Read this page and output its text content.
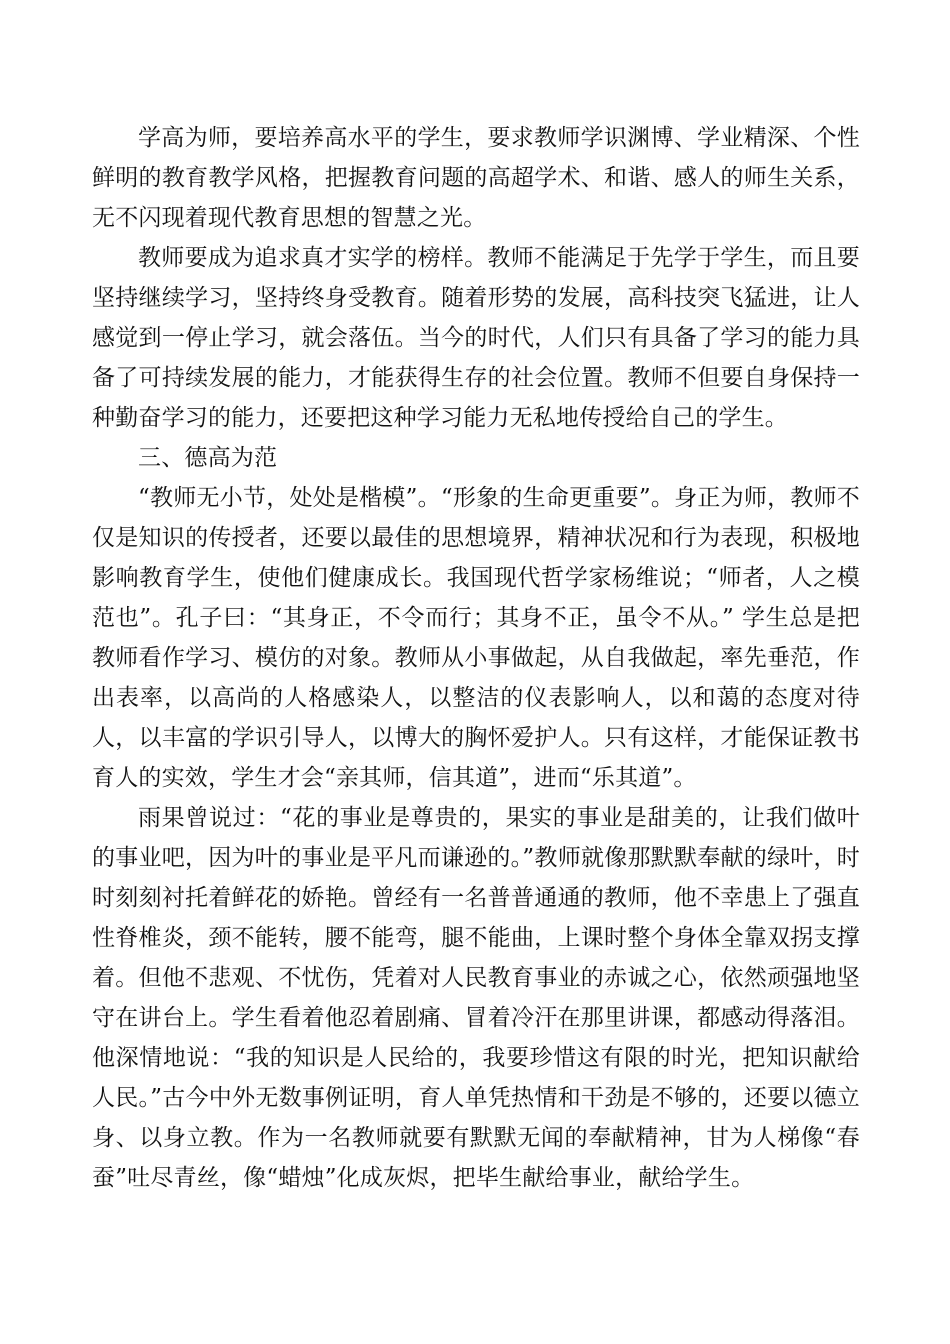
学高为师，要培养高水平的学生，要求教师学识渊博、学业精深、个性鲜明的教育教学风格，把握教育问题的高超学术、和谐、感人的师生关系，无不闪现着现代教育思想的智慧之光。

教师要成为追求真才实学的榜样。教师不能满足于先学于学生，而且要坚持继续学习，坚持终身受教育。随着形势的发展，高科技突飞猛进，让人感觉到一停止学习，就会落伍。当今的时代，人们只有具备了学习的能力具备了可持续发展的能力，才能获得生存的社会位置。教师不但要自身保持一种勤奋学习的能力，还要把这种学习能力无私地传授给自己的学生。

三、德高为范

“教师无小节，处处是楷模”。“形象的生命更重要”。身正为师，教师不仅是知识的传授者，还要以最佳的思想境界，精神状况和行为表现，积极地影响教育学生，使他们健康成长。我国现代哲学家杨维说；“师者，人之模范也”。孔子曰：“其身正，不令而行；其身不正，虽令不从。” 学生总是把教师看作学习、模仿的对象。教师从小事做起，从自我做起，率先垂范，作出表率，以高尚的人格感染人，以整洁的仪表影响人，以和蔼的态度对待人，以丰富的学识引导人，以博大的胸怀爱护人。只有这样，才能保证教书育人的实效，学生才会“亲其师，信其道”，进而“乐其道”。

雨果曾说过：“花的事业是尊贵的，果实的事业是甜美的，让我们做叶的事业吧，因为叶的事业是平凡而谦逊的。”教师就像那默默奉献的绿叶，时时刻刻衬托着鲜花的娇艳。曾经有一名普普通通的教师，他不幸患上了强直性脊椎炎，颈不能转，腰不能弯，腿不能曲，上课时整个身体全靠双拐支撑着。但他不悲观、不忧伤，凭着对人民教育事业的赤诚之心，依然顽强地坚守在讲台上。学生看着他忍着剧痛、冒着冷汗在那里讲课，都感动得落泪。他深情地说：“我的知识是人民给的，我要珍惜这有限的时光，把知识献给人民。”古今中外无数事例证明，育人单凭热情和干劲是不够的，还要以德立身、以身立教。作为一名教师就要有默默无闻的奉献精神，甘为人梯像“春蚕”吐尽青丝，像“蜡烛”化成灰烬，把毕生献给事业，献给学生。
